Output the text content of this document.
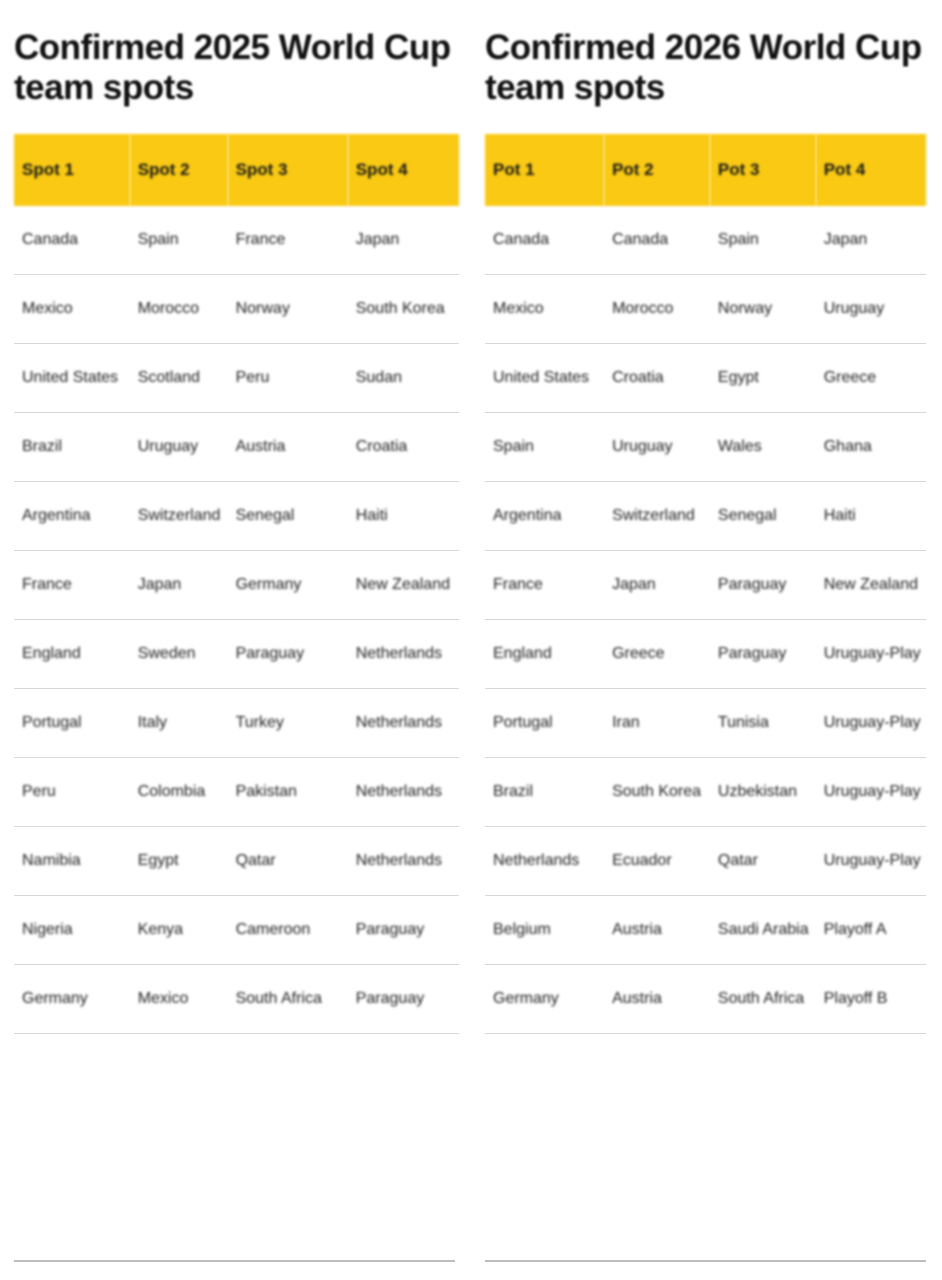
Confirmed 2025 World Cup team spots
Spot 1	Spot 2	Spot 3	Spot 4
Canada	Spain	France	Japan
Mexico	Morocco	Norway	South Korea
United States	Scotland	Peru	Sudan
Brazil	Uruguay	Austria	Croatia
Argentina	Switzerland	Senegal	Haiti
France	Japan	Germany	New Zealand
England	Sweden	Paraguay	Netherlands
Portugal	Italy	Turkey	Netherlands
Peru	Colombia	Pakistan	Netherlands
Namibia	Egypt	Qatar	Netherlands
Nigeria	Kenya	Cameroon	Paraguay
Germany	Mexico	South Africa	Paraguay
Confirmed 2026 World Cup team spots
Pot 1	Pot 2	Pot 3	Pot 4
Canada	Canada	Spain	Japan
Mexico	Morocco	Norway	Uruguay
United States	Croatia	Egypt	Greece
Spain	Uruguay	Wales	Ghana
Argentina	Switzerland	Senegal	Haiti
France	Japan	Paraguay	New Zealand
England	Greece	Paraguay	Uruguay-Play
Portugal	Iran	Tunisia	Uruguay-Play
Brazil	South Korea	Uzbekistan	Uruguay-Play
Netherlands	Ecuador	Qatar	Uruguay-Play
Belgium	Austria	Saudi Arabia	Playoff A
Germany	Austria	South Africa	Playoff B
